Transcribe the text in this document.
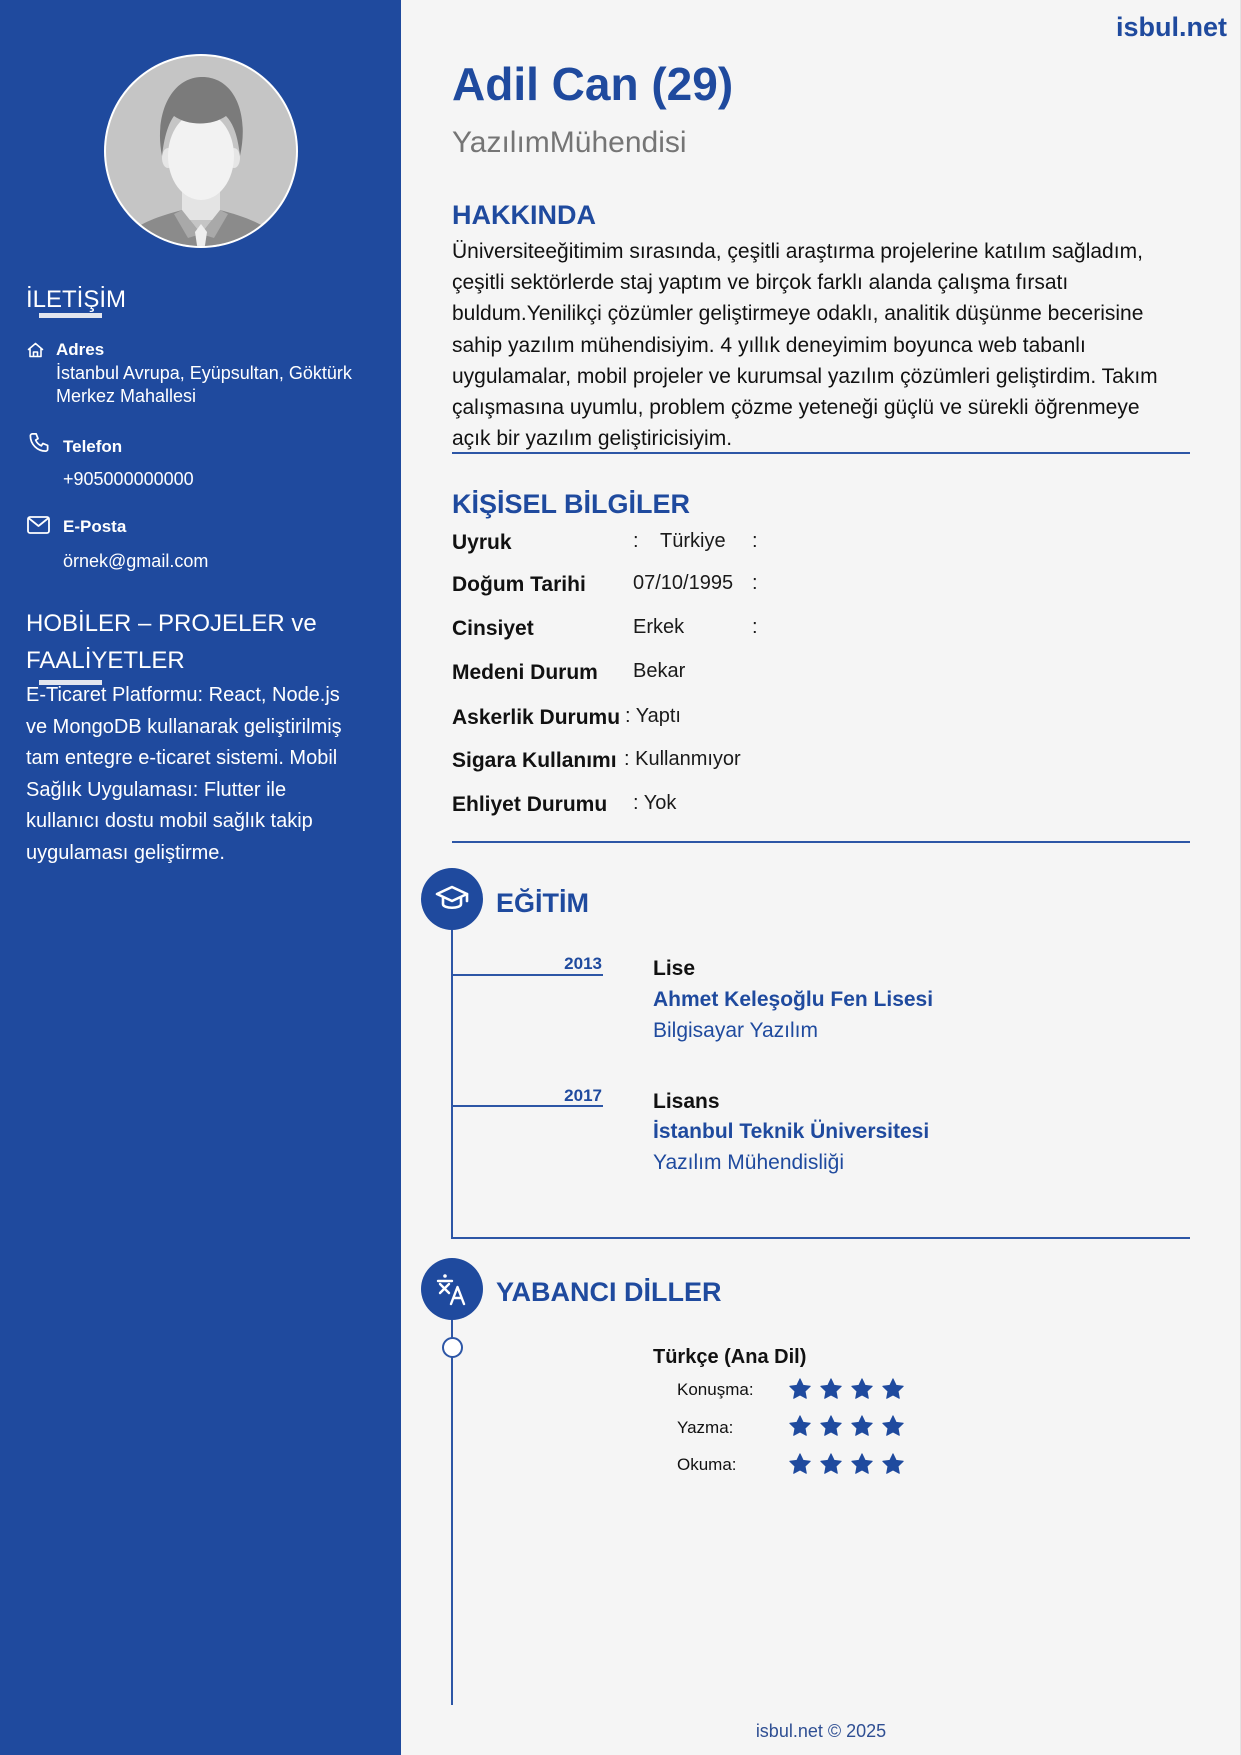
İLETİŞİM
Adres
İstanbul Avrupa, Eyüpsultan, Göktürk Merkez Mahallesi
Telefon
+905000000000
E-Posta
örnek@gmail.com
HOBİLER – PROJELER ve FAALİYETLER
E-Ticaret Platformu: React, Node.js
ve MongoDB kullanarak geliştirilmiş
tam entegre e-ticaret sistemi. Mobil
Sağlık Uygulaması: Flutter ile
kullanıcı dostu mobil sağlık takip
uygulaması geliştirme.
isbul.net
Adil Can (29)
YazılımMühendisi
HAKKINDA
Üniversiteeğitimim sırasında, çeşitli araştırma projelerine katılım sağladım,
çeşitli sektörlerde staj yaptım ve birçok farklı alanda çalışma fırsatı
buldum.Yenilikçi çözümler geliştirmeye odaklı, analitik düşünme becerisine
sahip yazılım mühendisiyim. 4 yıllık deneyimim boyunca web tabanlı
uygulamalar, mobil projeler ve kurumsal yazılım çözümleri geliştirdim. Takım
çalışmasına uyumlu, problem çözme yeteneği güçlü ve sürekli öğrenmeye
açık bir yazılım geliştiricisiyim.
KİŞİSEL BİLGİLER
Uyruk	: Türkiye :
Doğum Tarihi 07/10/1995 :
Cinsiyet	Erkek	:
Medeni Durum Bekar
Askerlik Durumu : Yaptı
Sigara Kullanımı : Kullanmıyor
Ehliyet Durumu : Yok
EĞİTİM
2013 Lise
Ahmet Keleşoğlu Fen Lisesi
Bilgisayar Yazılım
2017 Lisans
İstanbul Teknik Üniversitesi
Yazılım Mühendisliği
YABANCI DİLLER
Türkçe (Ana Dil)
Konuşma:
Yazma:
Okuma:
isbul.net © 2025
